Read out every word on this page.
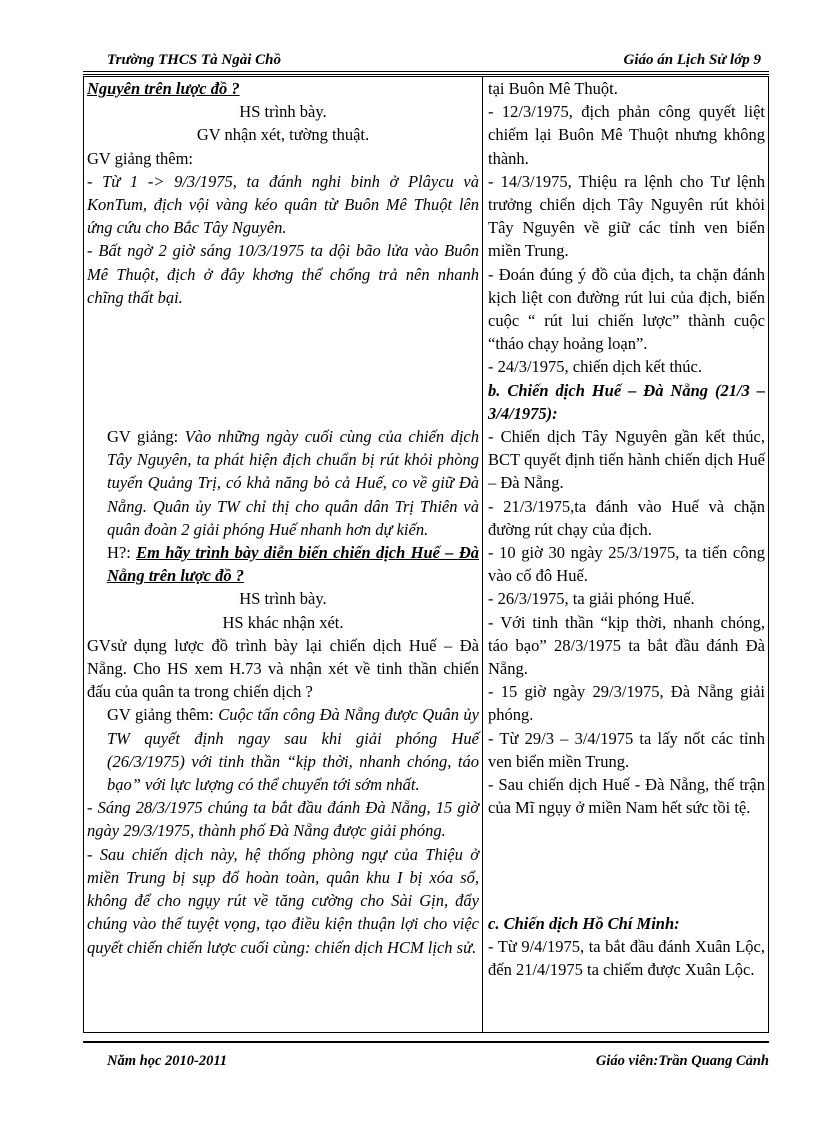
Trường THCS Tà Ngài Chồ	Giáo án Lịch Sử lớp 9
Nguyên trên lược đồ ?
HS trình bày.
GV nhận xét, tường thuật.
GV giảng thêm:
- Từ 1 -> 9/3/1975, ta đánh nghi binh ở Plâycu và KonTum, địch vội vàng kéo quân từ Buôn Mê Thuột lên ứng cứu cho Bắc Tây Nguyên.
- Bất ngờ 2 giờ sáng 10/3/1975 ta dội bão lửa vào Buôn Mê Thuột, địch ở đây khơng thể chống trả nên nhanh chĩng thất bại.
GV giảng: Vào những ngày cuối cùng của chiến dịch Tây Nguyên, ta phát hiện địch chuẩn bị rút khỏi phòng tuyến Quảng Trị, có khả năng bỏ cả Huế, co về giữ Đà Nẵng. Quân ủy TW chỉ thị cho quân dân Trị Thiên và quân đoàn 2 giải phóng Huế nhanh hơn dự kiến.
H?: Em hãy trình bày diễn biến chiến dịch Huế – Đà Nẵng trên lược đồ ?
HS trình bày.
HS khác nhận xét.
GVsử dụng lược đồ trình bày lại chiến dịch Huế – Đà Nẵng. Cho HS xem H.73 và nhận xét về tinh thần chiến đấu của quân ta trong chiến dịch ?
GV giảng thêm: Cuộc tấn công Đà Nẵng được Quân ủy TW quyết định ngay sau khi giải phóng Huế (26/3/1975) với tinh thần “kịp thời, nhanh chóng, táo bạo” với lực lượng có thể chuyển tới sớm nhất.
- Sáng 28/3/1975 chúng ta bắt đầu đánh Đà Nẵng, 15 giờ ngày 29/3/1975, thành phố Đà Nẵng được giải phóng.
- Sau chiến dịch này, hệ thống phòng ngự của Thiệu ở miền Trung bị sụp đổ hoàn toàn, quân khu I bị xóa sổ, không để cho ngụy rút về tăng cường cho Sài Gịn, đẩy chúng vào thế tuyệt vọng, tạo điều kiện thuận lợi cho việc quyết chiến chiến lược cuối cùng: chiến dịch HCM lịch sử.
tại Buôn Mê Thuột.
- 12/3/1975, địch phản công quyết liệt chiếm lại Buôn Mê Thuột nhưng không thành.
- 14/3/1975, Thiệu ra lệnh cho Tư lệnh trưởng chiến dịch Tây Nguyên rút khỏi Tây Nguyên về giữ các tỉnh ven biển miền Trung.
- Đoán đúng ý đồ của địch, ta chặn đánh kịch liệt con đường rút lui của địch, biến cuộc “ rút lui chiến lược” thành cuộc “tháo chạy hoảng loạn”.
- 24/3/1975, chiến dịch kết thúc.
b. Chiến dịch Huế – Đà Nẵng (21/3 – 3/4/1975):
- Chiến dịch Tây Nguyên gần kết thúc, BCT quyết định tiến hành chiến dịch Huế – Đà Nẵng.
- 21/3/1975,ta đánh vào Huế và chặn đường rút chạy của địch.
- 10 giờ 30 ngày 25/3/1975, ta tiến công vào cố đô Huế.
- 26/3/1975, ta giải phóng Huế.
- Với tinh thần “kịp thời, nhanh chóng, táo bạo” 28/3/1975 ta bắt đầu đánh Đà Nẵng.
- 15 giờ ngày 29/3/1975, Đà Nẵng giải phóng.
- Từ 29/3 – 3/4/1975 ta lấy nốt các tỉnh ven biển miền Trung.
- Sau chiến dịch Huế - Đà Nẵng, thế trận của Mĩ ngụy ở miền Nam hết sức tồi tệ.
c. Chiến dịch Hồ Chí Minh:
- Từ 9/4/1975, ta bắt đầu đánh Xuân Lộc, đến 21/4/1975 ta chiếm được Xuân Lộc.
Năm học 2010-2011	Giáo viên:Trần Quang Cảnh
